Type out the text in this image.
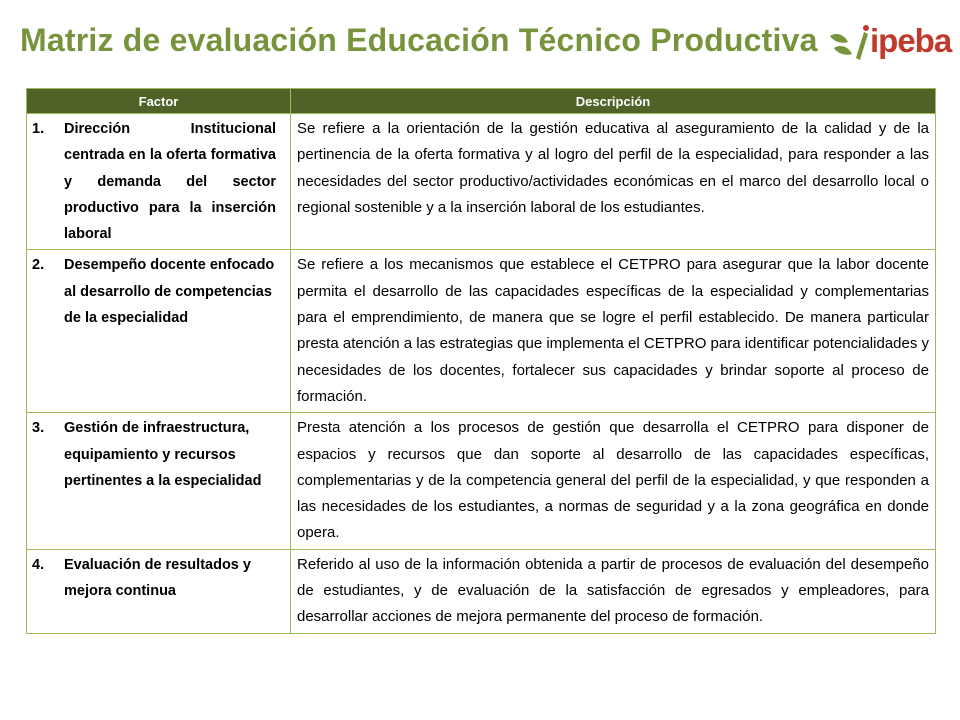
Matriz de evaluación Educación Técnico Productiva ipeba
Factor	Descripción
1. Dirección Institucional centrada en la oferta formativa y demanda del sector productivo para la inserción laboral	Se refiere a la orientación de la gestión educativa al aseguramiento de la calidad y de la pertinencia de la oferta formativa y al logro del perfil de la especialidad, para responder a las necesidades del sector productivo/actividades económicas en el marco del desarrollo local o regional sostenible y a la inserción laboral de los estudiantes.
2. Desempeño docente enfocado al desarrollo de competencias de la especialidad	Se refiere a los mecanismos que establece el CETPRO para asegurar que la labor docente permita el desarrollo de las capacidades específicas de la especialidad y complementarias para el emprendimiento, de manera que se logre el perfil establecido. De manera particular presta atención a las estrategias que implementa el CETPRO para identificar potencialidades y necesidades de los docentes, fortalecer sus capacidades y brindar soporte al proceso de formación.
3. Gestión de infraestructura, equipamiento y recursos pertinentes a la especialidad	Presta atención a los procesos de gestión que desarrolla el CETPRO para disponer de espacios y recursos que dan soporte al desarrollo de las capacidades específicas, complementarias y de la competencia general del perfil de la especialidad, y que responden a las necesidades de los estudiantes, a normas de seguridad y a la zona geográfica en donde opera.
4. Evaluación de resultados y mejora continua	Referido al uso de la información obtenida a partir de procesos de evaluación del desempeño de estudiantes, y de evaluación de la satisfacción de egresados y empleadores, para desarrollar acciones de mejora permanente del proceso de formación.
